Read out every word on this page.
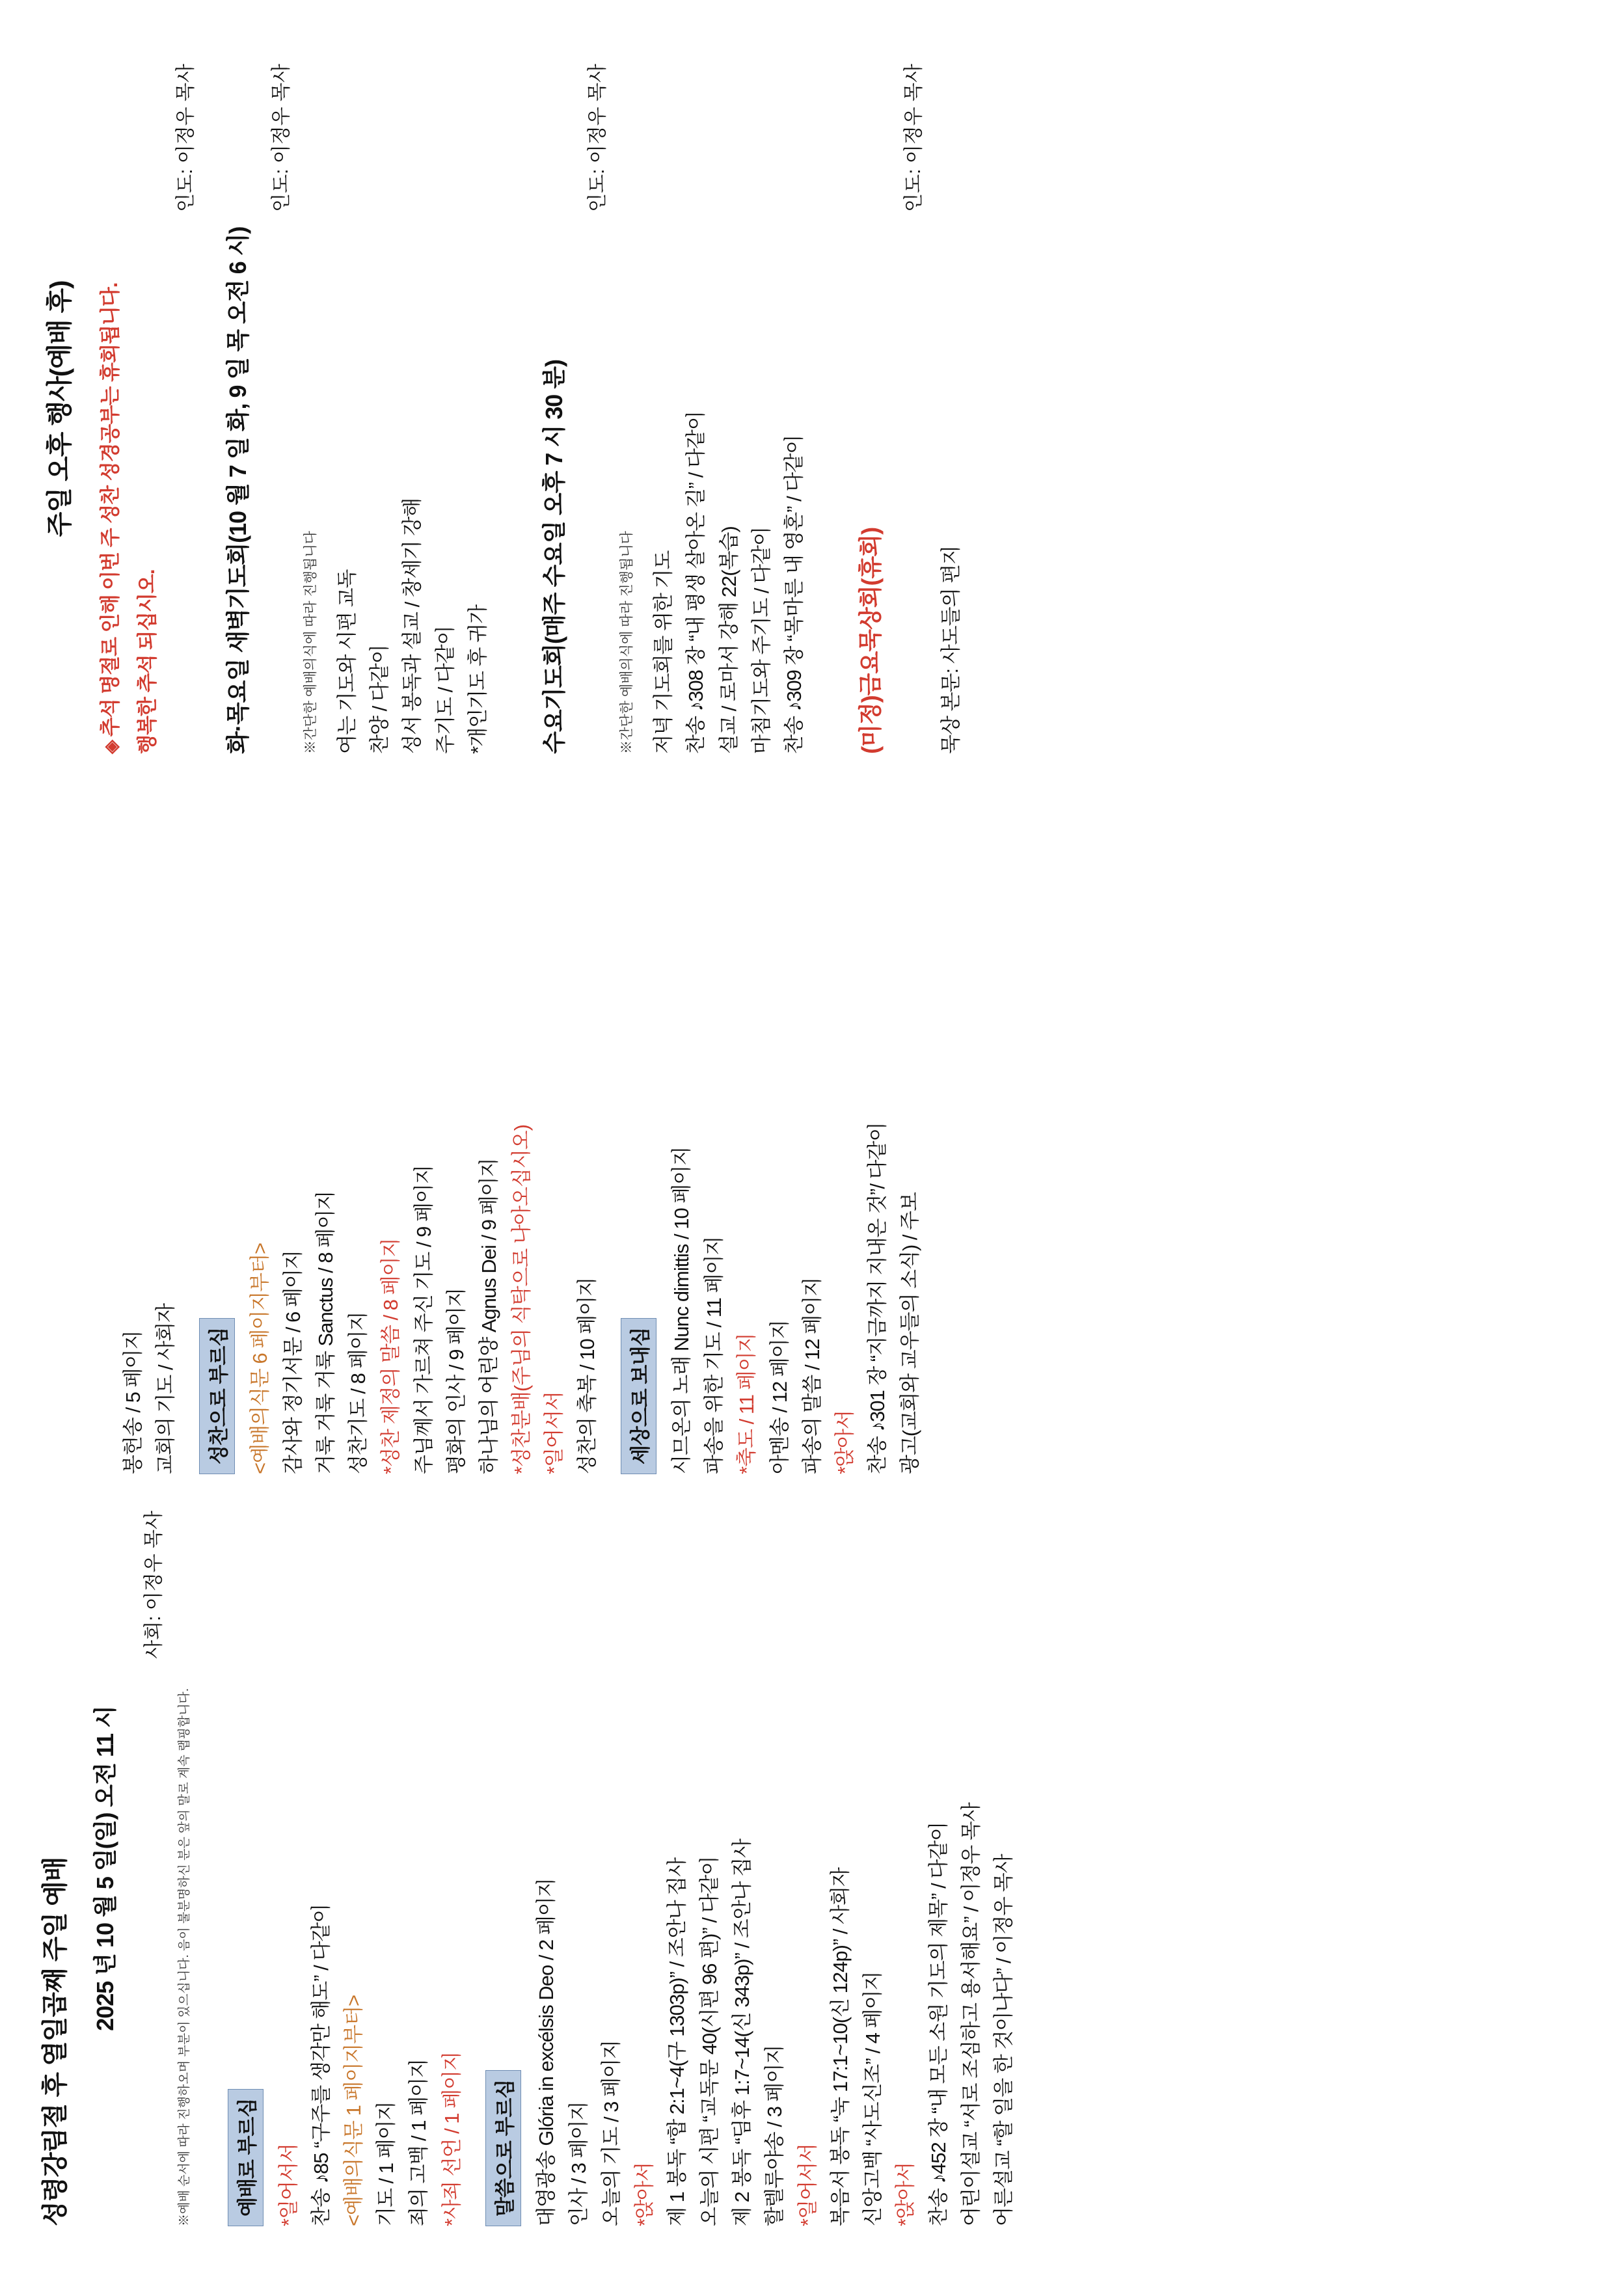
성령강림절 후 열일곱째 주일 예배 2025 년 10 월 5 일(일) 오전 11 시
사회: 이정우 목사
※예배 순서에 따라 진행하오며 부분이 있으십니다. 음이 불분명하신 분은 앞의 말로 계속 랩핑합니다. 예배로 부르심 *일어서서 찬송 ♪85 “구주를 생각만 해도” / 다같이 <예배의식문 1 페이지부터> 기도 / 1 페이지 죄의 고백 / 1 페이지 *사죄 선언 / 1 페이지 말씀으로 부르심 대영광송 Glória in excélsis Deo / 2 페이지 인사 / 3 페이지 오늘의 기도 / 3 페이지 *앉아서 제 1 봉독 “합 2:1~4(구 1303p)” / 조안나 집사 오늘의 시편 “교독문 40(시편 96 편)” / 다같이 제 2 봉독 “딤후 1:7~14(신 343p)” / 조안나 집사 할렐루야송 / 3 페이지 *일어서서 복음서 봉독 “눅 17:1~10(신 124p)” / 사회자 신앙고백 “사도신조” / 4 페이지 *앉아서 찬송 ♪452 장 “내 모든 소원 기도의 제목” / 다같이 어린이설교 “서로 조심하고 용서해요” / 이정우 목사 어른설교 “할 일을 한 것이나다” / 이정우 목사

봉헌송 / 5 페이지 교회의 기도 / 사회자 성찬으로 부르심 <예배의식문 6 페이지부터> 감사와 정기서문 / 6 페이지 거룩 거룩 거룩 Sanctus / 8 페이지 성찬기도 / 8 페이지 *성찬 제정의 말씀 / 8 페이지 주님께서 가르쳐 주신 기도 / 9 페이지 평화의 인사 / 9 페이지 하나님의 어린양 Agnus Dei / 9 페이지 *성찬분배(주님의 식탁으로 나아오십시오) *일어서서 성찬의 축복 / 10 페이지 세상으로 보내심 시므온의 노래 Nunc dimittis / 10 페이지 파송을 위한 기도 / 11 페이지 *축도 / 11 페이지 아멘송 / 12 페이지 파송의 말씀 / 12 페이지 *앉아서 찬송 ♪301 장 “지금까지 지내온 것”/ 다같이 광고(교회와 교우들의 소식) / 주보

주일 오후 행사(예배 후)
◈추석 명절로 인해 이번 주 성찬 성경공부는 휴회됩니다. 행복한 추석 되십시오.
인도: 이정우 목사
화·목요일 새벽기도회(10 월 7 일 화, 9 일 목 오전 6 시)
인도: 이정우 목사
※간단한 예배의식에 따라 진행됩니다 여는 기도와 시편 교독 찬양 / 다같이 성서 봉독과 설교 / 창세기 강해 주기도 / 다같이 *개인기도 후 귀가 수요기도회(매주 수요일 오후 7 시 30 분)
인도: 이정우 목사
※간단한 예배의식에 따라 진행됩니다 저녁 기도회를 위한 기도 찬송 ♪308 장 “내 평생 살아온 길” / 다같이 설교 / 로마서 강해 22(복습) 마침기도와 주기도 / 다같이 찬송 ♪309 장 “목마른 내 영혼” / 다같이 (미정)금요묵상회(휴회)
인도: 이정우 목사

묵상 본문: 사도들의 편지
